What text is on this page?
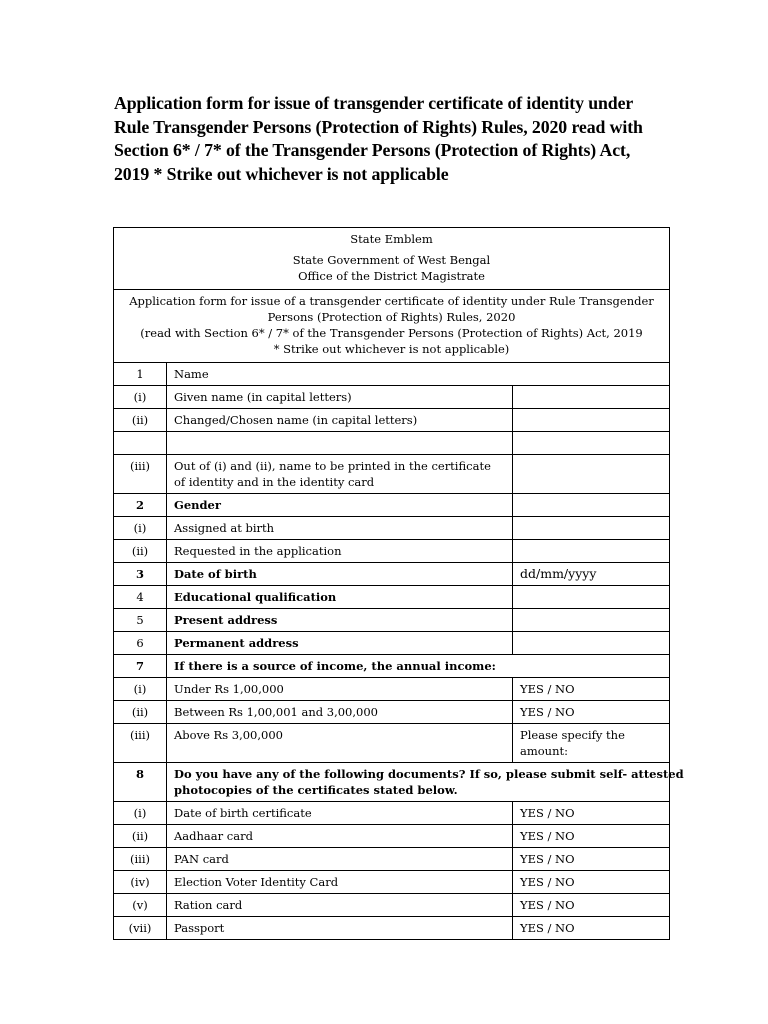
Application form for issue of transgender certificate of identity under
Rule Transgender Persons (Protection of Rights) Rules, 2020 read with
Section 6* / 7* of the Transgender Persons (Protection of Rights) Act,
2019 * Strike out whichever is not applicable
State Emblem
State Government of West Bengal
Office of the District Magistrate		

Application form for issue of a transgender certificate of identity under Rule Transgender
Persons (Protection of Rights) Rules, 2020
(read with Section 6* / 7* of the Transgender Persons (Protection of Rights) Act, 2019
* Strike out whichever is not applicable)		

1	Name	
(i)	Given name (in capital letters)	
(ii)	Changed/Chosen name (in capital letters)	

(iii)	Out of (i) and (ii), name to be printed in the certificate
of identity and in the identity card	

2	Gender	
(i)	Assigned at birth	
(ii)	Requested in the application	
3	Date of birth	dd/mm/yyyy
4	Educational qualification	
5	Present address	
6	Permanent address	
7	If there is a source of income, the annual income:	
(i)	Under Rs 1,00,000	YES / NO
(ii)	Between Rs 1,00,001 and 3,00,000	YES / NO
(iii)	Above Rs 3,00,000	Please specify the
amount:

8	Do you have any of the following documents? If so, please submit self- attested
photocopies of the certificates stated below.	

(i)	Date of birth certificate	YES / NO
(ii)	Aadhaar card	YES / NO
(iii)	PAN card	YES / NO
(iv)	Election Voter Identity Card	YES / NO
(v)	Ration card	YES / NO
(vii)	Passport	YES / NO
